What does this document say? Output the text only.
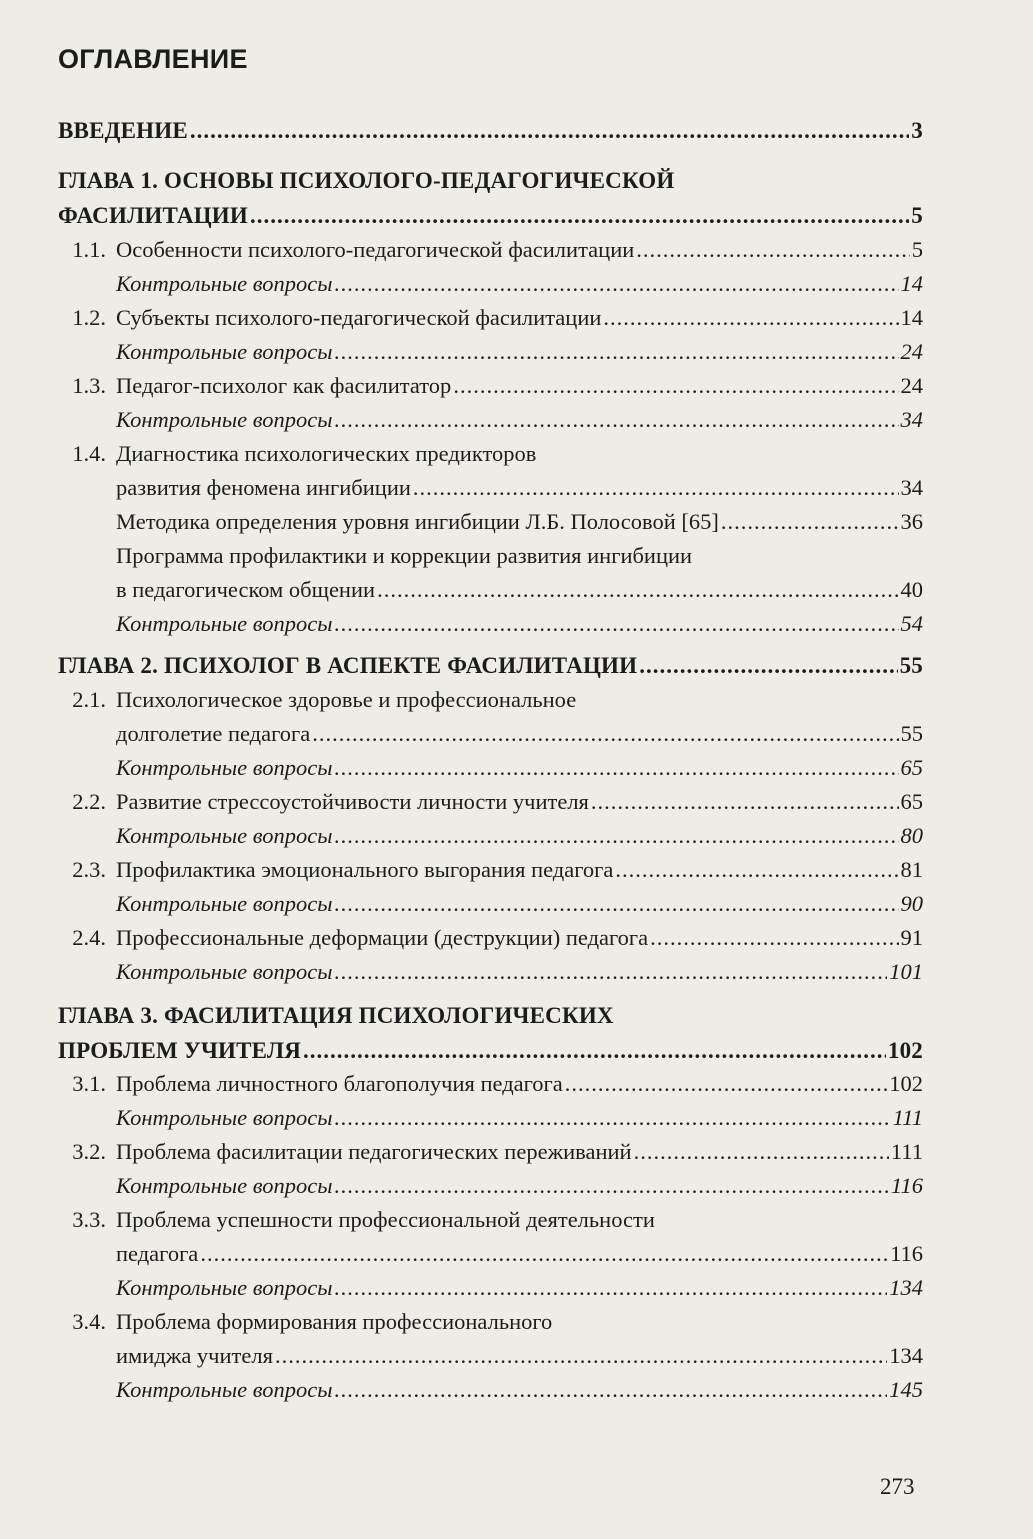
ОГЛАВЛЕНИЕ
ВВЕДЕНИЕ .....	3
ГЛАВА 1. ОСНОВЫ ПСИХОЛОГО-ПЕДАГОГИЧЕСКОЙ
ФАСИЛИТАЦИИ .....	5
1.1. Особенности психолого-педагогической фасилитации .....	5
Контрольные вопросы .....	14
1.2. Субъекты психолого-педагогической фасилитации .....	14
Контрольные вопросы .....	24
1.3. Педагог-психолог как фасилитатор .....	24
Контрольные вопросы .....	34
1.4. Диагностика психологических предикторов
развития феномена ингибиции .....	34
Методика определения уровня ингибиции Л.Б. Полосовой [65] .....	36
Программа профилактики и коррекции развития ингибиции
в педагогическом общении .....	40
Контрольные вопросы .....	54
ГЛАВА 2. ПСИХОЛОГ В АСПЕКТЕ ФАСИЛИТАЦИИ .....	55
2.1. Психологическое здоровье и профессиональное
долголетие педагога .....	55
Контрольные вопросы .....	65
2.2. Развитие стрессоустойчивости личности учителя .....	65
Контрольные вопросы .....	80
2.3. Профилактика эмоционального выгорания педагога .....	81
Контрольные вопросы .....	90
2.4. Профессиональные деформации (деструкции) педагога .....	91
Контрольные вопросы .....	101
ГЛАВА 3. ФАСИЛИТАЦИЯ ПСИХОЛОГИЧЕСКИХ
ПРОБЛЕМ УЧИТЕЛЯ .....	102
3.1. Проблема личностного благополучия педагога .....	102
Контрольные вопросы .....	111
3.2. Проблема фасилитации педагогических переживаний .....	111
Контрольные вопросы .....	116
3.3. Проблема успешности профессиональной деятельности
педагога .....	116
Контрольные вопросы .....	134
3.4. Проблема формирования профессионального
имиджа учителя .....	134
Контрольные вопросы .....	145
273
